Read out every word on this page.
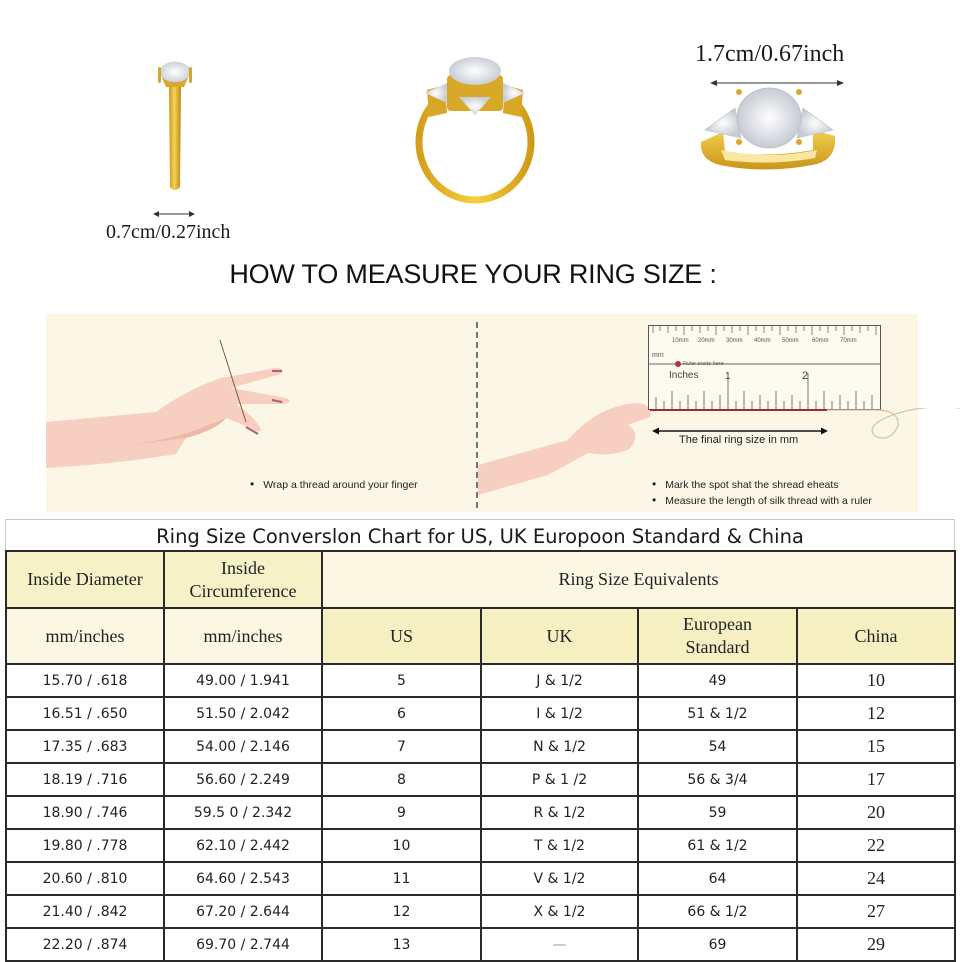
0.7cm/0.27inch
1.7cm/0.67inch
HOW TO MEASURE YOUR RING SIZE :
• Wrap a thread around your finger
10mm 20mm 30mm 40mm 50mm 60mm 70mm
mm
Ruler starts here
Inches	1	2
The final ring size in mm
• Mark the spot shat the shread eheats
• Measure the length of silk thread with a ruler
Ring Size Converslon Chart for US, UK Europoon Standard & China
Inside Diameter	Inside Circumference	Ring Size Equivalents			
mm/inches	mm/inches	US	UK	European Standard	China
15.70 / .618	49.00 / 1.941	5	J & 1/2	49	10
16.51 / .650	51.50 / 2.042	6	I & 1/2	51 & 1/2	12
17.35 / .683	54.00 / 2.146	7	N & 1/2	54	15
18.19 / .716	56.60 / 2.249	8	P & 1 /2	56 & 3/4	17
18.90 / .746	59.5 0 / 2.342	9	R & 1/2	59	20
19.80 / .778	62.10 / 2.442	10	T & 1/2	61 & 1/2	22
20.60 / .810	64.60 / 2.543	11	V & 1/2	64	24
21.40 / .842	67.20 / 2.644	12	X & 1/2	66 & 1/2	27
22.20 / .874	69.70 / 2.744	13	—	69	29
